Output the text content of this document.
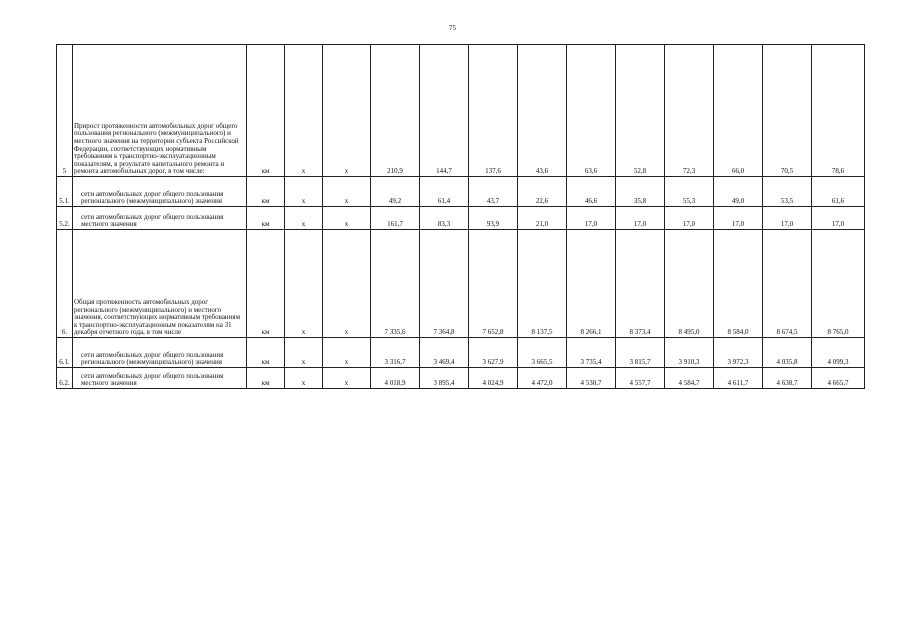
75
5	Прирост протяженности автомобильных дорог общего пользования регионального (межмуниципального) и местного значения на территории субъекта Российской Федерации, соответствующих нормативным требованиям к транспортно-эксплуатационным показателям, в результате капитального ремонта и ремонта автомобильных дорог, в том числе:	км	х	х	210,9	144,7	137,6	43,6	63,6	52,8	72,3	66,0	70,5	78,6
5.1.	сети автомобильных дорог общего пользования регионального (межмуниципального) значения	км	х	х	49,2	61,4	43,7	22,6	46,6	35,8	55,3	49,0	53,5	61,6
5.2.	сети автомобильных дорог общего пользования местного значения	км	х	х	161,7	83,3	93,9	21,0	17,0	17,0	17,0	17,0	17,0	17,0
6.	Общая протяженность автомобильных дорог регионального (межмуниципального) и местного значения, соответствующих нормативным требованиям к транспортно-эксплуатационным показателям на 31 декабря отчетного года, в том числе	км	х	х	7 335,6	7 364,8	7 652,8	8 137,5	8 266,1	8 373,4	8 495,0	8 584,0	8 674,5	8 765,0
6.1.	сети автомобильных дорог общего пользования регионального (межмуниципального) значения	км	х	х	3 316,7	3 469,4	3 627,9	3 665,5	3 735,4	3 815,7	3 910,3	3 972,3	4 035,8	4 099,3
6.2.	сети автомобильных дорог общего пользования местного значения	км	х	х	4 018,9	3 895,4	4 024,9	4 472,0	4 530,7	4 557,7	4 584,7	4 611,7	4 638,7	4 665,7
